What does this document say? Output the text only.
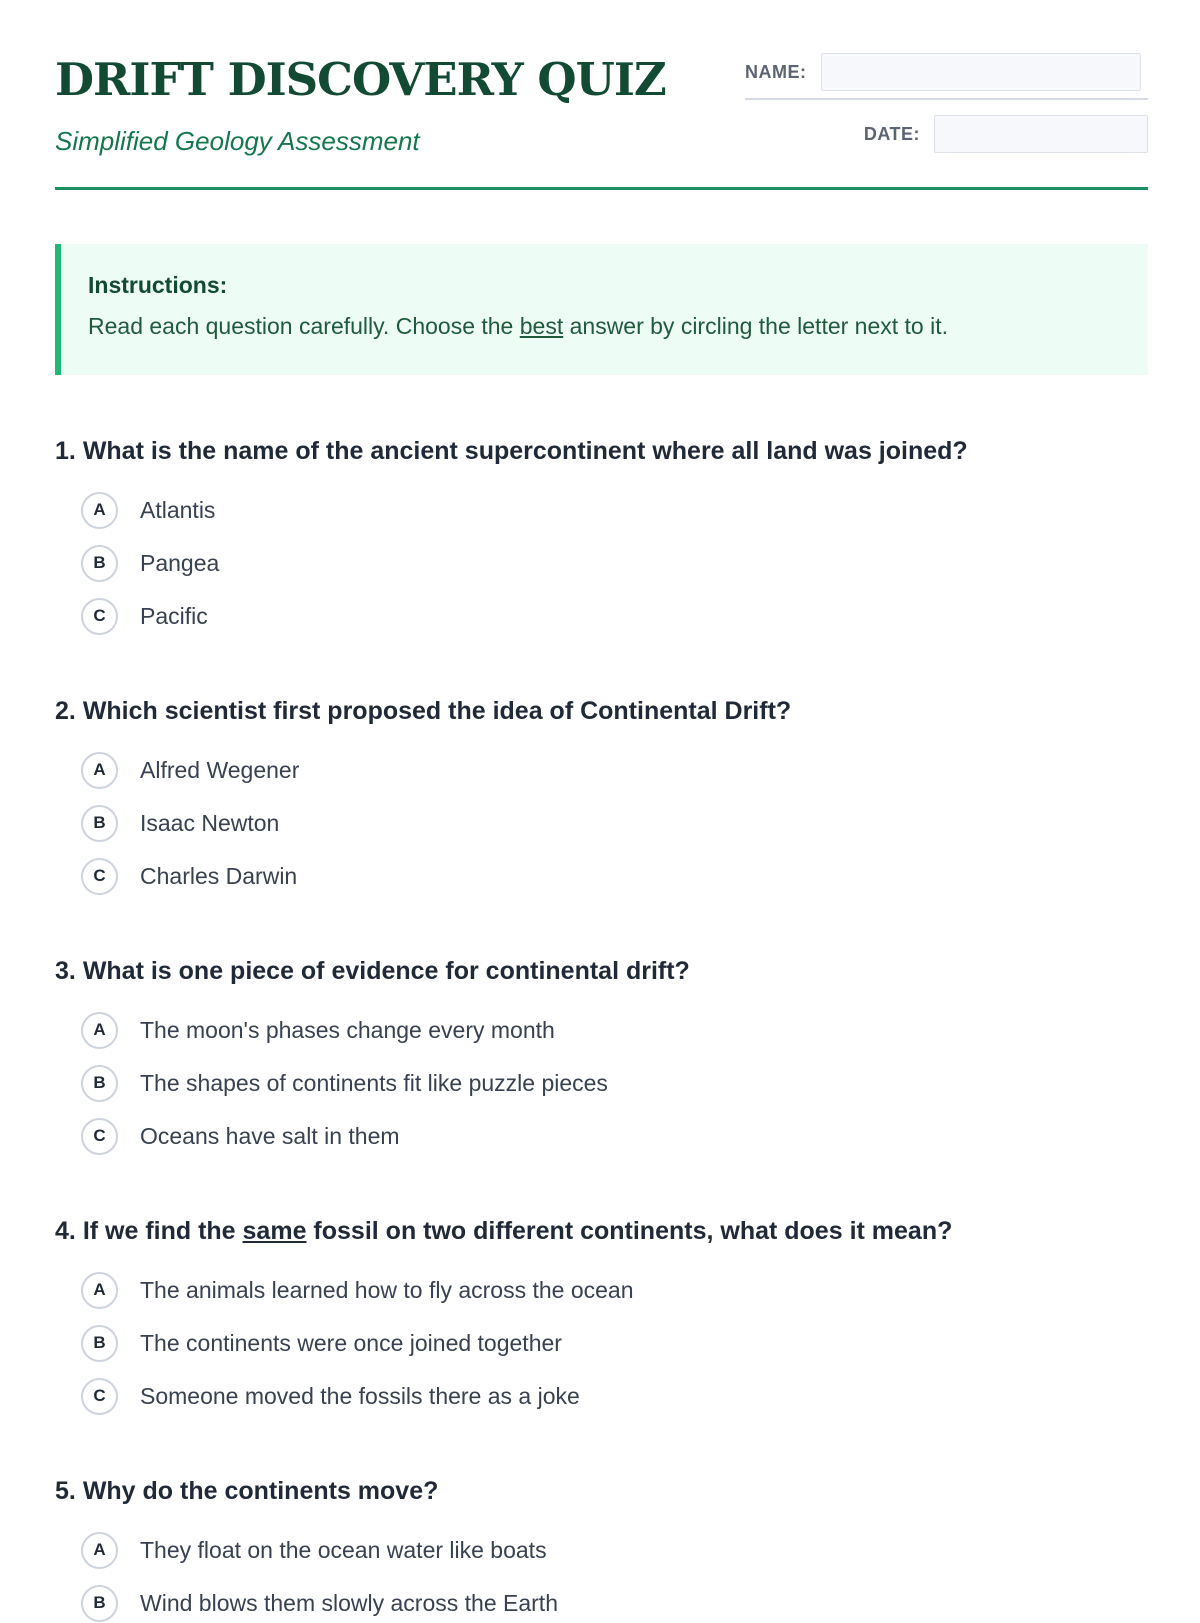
DRIFT DISCOVERY QUIZ

Simplified Geology Assessment

NAME:
DATE:

Instructions:

Read each question carefully. Choose the best answer by circling the letter next to it.

1. What is the name of the ancient supercontinent where all land was joined?

A	Atlantis
B	Pangea
C	Pacific

2. Which scientist first proposed the idea of Continental Drift?

A	Alfred Wegener
B	Isaac Newton
C	Charles Darwin

3. What is one piece of evidence for continental drift?

A	The moon's phases change every month
B	The shapes of continents fit like puzzle pieces
C	Oceans have salt in them

4. If we find the same fossil on two different continents, what does it mean?

A	The animals learned how to fly across the ocean
B	The continents were once joined together
C	Someone moved the fossils there as a joke

5. Why do the continents move?

A	They float on the ocean water like boats
B	Wind blows them slowly across the Earth
